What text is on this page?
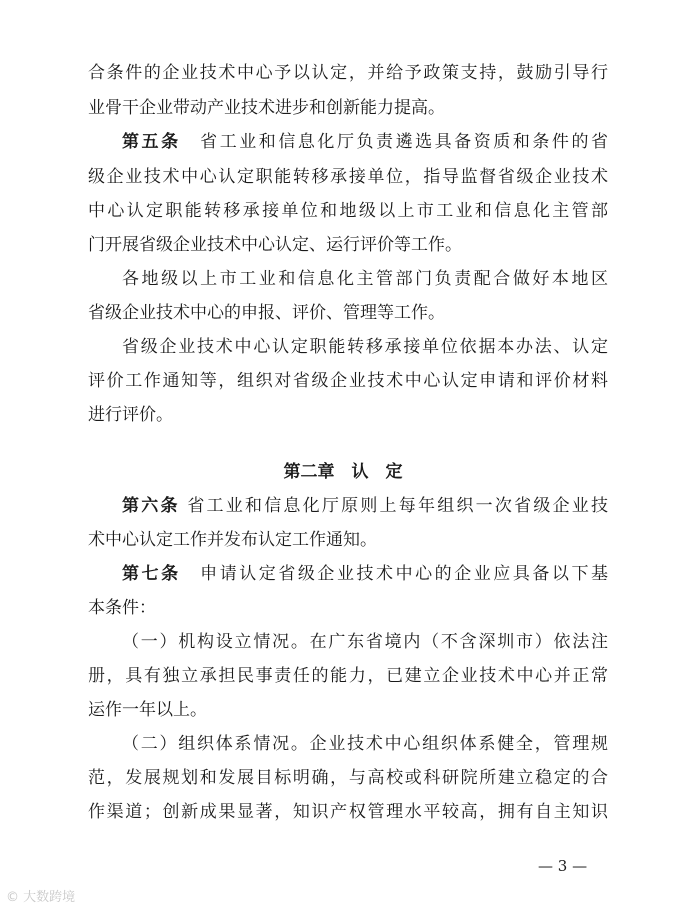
合条件的企业技术中心予以认定，并给予政策支持，鼓励引导行
业骨干企业带动产业技术进步和创新能力提高。
第五条　 省工业和信息化厅负责遴选具备资质和条件的省
级企业技术中心认定职能转移承接单位，指导监督省级企业技术
中心认定职能转移承接单位和地级以上市工业和信息化主管部
门开展省级企业技术中心认定、运行评价等工作。
各地级以上市工业和信息化主管部门负责配合做好本地区
省级企业技术中心的申报、评价、管理等工作。
省级企业技术中心认定职能转移承接单位依据本办法、认定
评价工作通知等，组织对省级企业技术中心认定申请和评价材料
进行评价。
第二章　认　定
第六条 省工业和信息化厅原则上每年组织一次省级企业技
术中心认定工作并发布认定工作通知。
第七条　 申请认定省级企业技术中心的企业应具备以下基
本条件：
（一）机构设立情况。在广东省境内（不含深圳市）依法注
册，具有独立承担民事责任的能力，已建立企业技术中心并正常
运作一年以上。
（二）组织体系情况。企业技术中心组织体系健全，管理规
范，发展规划和发展目标明确，与高校或科研院所建立稳定的合
作渠道；创新成果显著，知识产权管理水平较高，拥有自主知识
— 3 —
© 大数跨境
